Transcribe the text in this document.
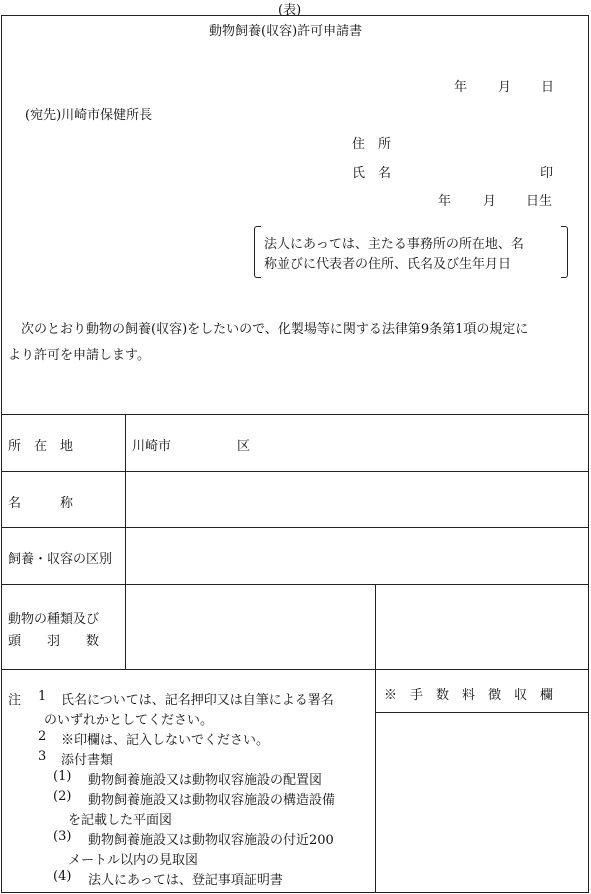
(表)
動物飼養(収容)許可申請書
年 月 日
(宛先)川崎市保健所長
住　所
氏　名	印
年 月 日生
法人にあっては、主たる事務所の所在地、名
称並びに代表者の住所、氏名及び生年月日
　次のとおり動物の飼養(収容)をしたいので、化製場等に関する法律第9条第1項の規定に
より許可を申請します。
所　在　地	川崎市	区
名　　　称
飼養・収容の区別
動物の種類及び
頭　　羽　　数
※　手　数　料　徴　収　欄
注 1 氏名については、記名押印又は自筆による署名
のいずれかとしてください。
2 ※印欄は、記入しないでください。
3 添付書類
(1) 動物飼養施設又は動物収容施設の配置図
(2) 動物飼養施設又は動物収容施設の構造設備
を記載した平面図
(3) 動物飼養施設又は動物収容施設の付近200
メートル以内の見取図
(4) 法人にあっては、登記事項証明書
